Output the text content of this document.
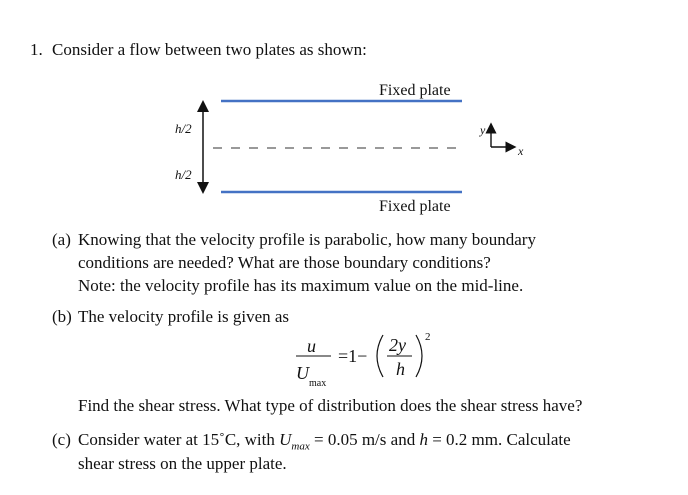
1. Consider a flow between two plates as shown:
Fixed plate
Fixed plate
h/2
h/2
y
x
(a) Knowing that the velocity profile is parabolic, how many boundary
conditions are needed? What are those boundary conditions?
Note: the velocity profile has its maximum value on the mid-line.
(b) The velocity profile is given as
u
U
max
=1−
2y
h
2
Find the shear stress. What type of distribution does the shear stress have?
(c) Consider water at 15˚C, with $U_{max} = 0.05$ m/s and h = 0.2 mm. Calculate
shear stress on the upper plate.
